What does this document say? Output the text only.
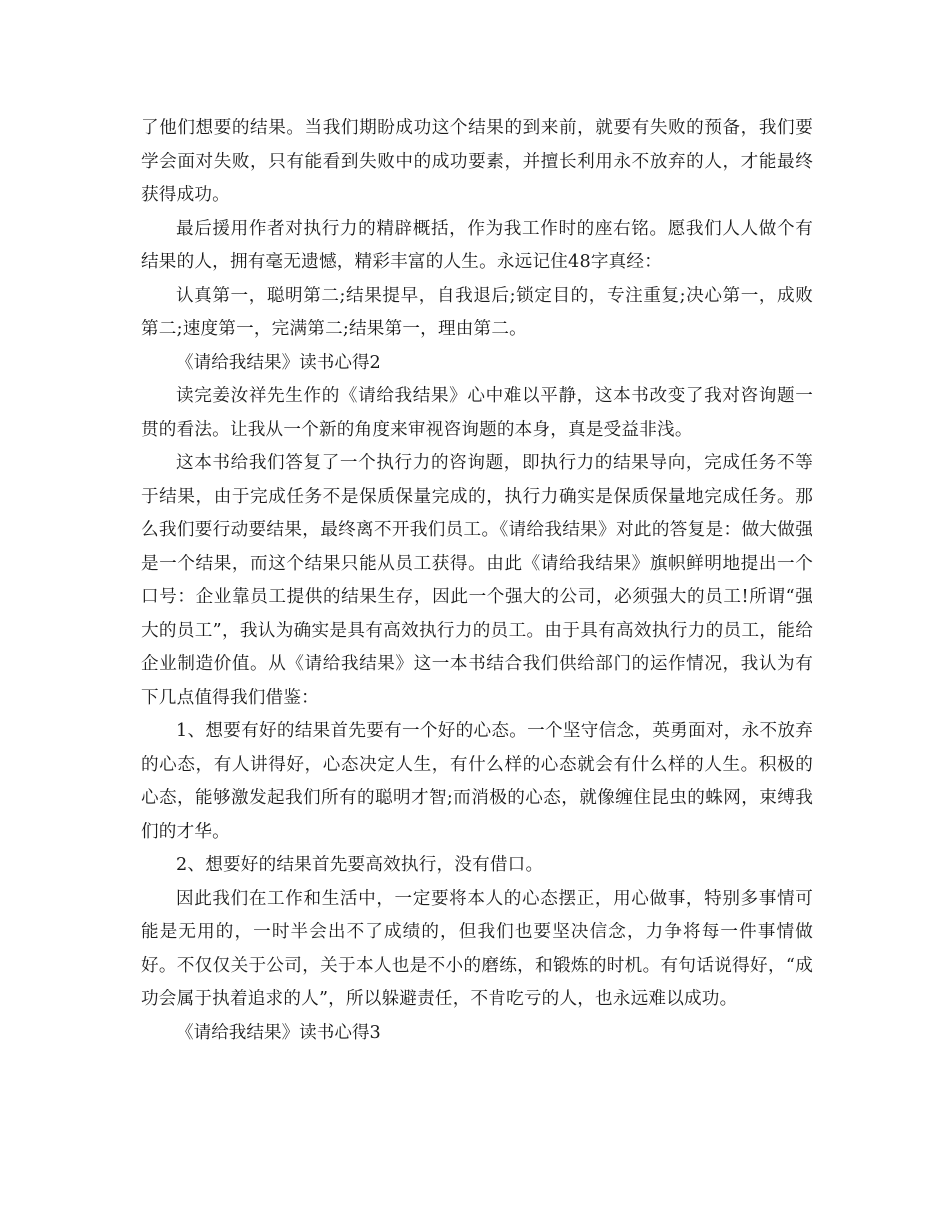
了他们想要的结果。当我们期盼成功这个结果的到来前，就要有失败的预备，我们要学会面对失败，只有能看到失败中的成功要素，并擅长利用永不放弃的人，才能最终获得成功。

最后援用作者对执行力的精辟概括，作为我工作时的座右铭。愿我们人人做个有结果的人，拥有毫无遗憾，精彩丰富的人生。永远记住48字真经：

认真第一，聪明第二;结果提早，自我退后;锁定目的，专注重复;决心第一，成败第二;速度第一，完满第二;结果第一，理由第二。

《请给我结果》读书心得2

读完姜汝祥先生作的《请给我结果》心中难以平静，这本书改变了我对咨询题一贯的看法。让我从一个新的角度来审视咨询题的本身，真是受益非浅。

这本书给我们答复了一个执行力的咨询题，即执行力的结果导向，完成任务不等于结果，由于完成任务不是保质保量完成的，执行力确实是保质保量地完成任务。那么我们要行动要结果，最终离不开我们员工。《请给我结果》对此的答复是：做大做强是一个结果，而这个结果只能从员工获得。由此《请给我结果》旗帜鲜明地提出一个口号：企业靠员工提供的结果生存，因此一个强大的公司，必须强大的员工!所谓“强大的员工”，我认为确实是具有高效执行力的员工。由于具有高效执行力的员工，能给企业制造价值。从《请给我结果》这一本书结合我们供给部门的运作情况，我认为有下几点值得我们借鉴：

1、想要有好的结果首先要有一个好的心态。一个坚守信念，英勇面对，永不放弃的心态，有人讲得好，心态决定人生，有什么样的心态就会有什么样的人生。积极的心态，能够激发起我们所有的聪明才智;而消极的心态，就像缠住昆虫的蛛网，束缚我们的才华。

2、想要好的结果首先要高效执行，没有借口。

因此我们在工作和生活中，一定要将本人的心态摆正，用心做事，特别多事情可能是无用的，一时半会出不了成绩的，但我们也要坚决信念，力争将每一件事情做好。不仅仅关于公司，关于本人也是不小的磨练，和锻炼的时机。有句话说得好，“成功会属于执着追求的人”，所以躲避责任，不肯吃亏的人，也永远难以成功。

《请给我结果》读书心得3
